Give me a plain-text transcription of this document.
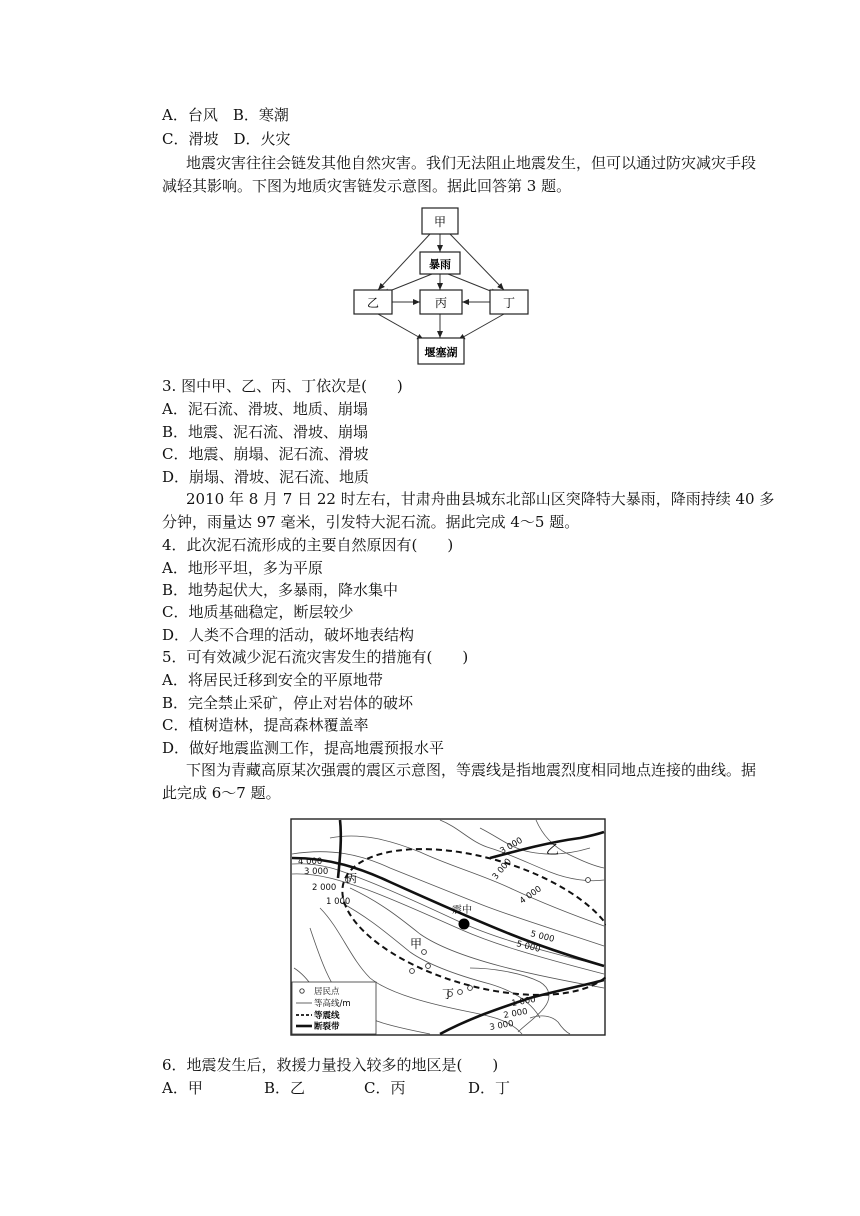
A．台风　B．寒潮
C．滑坡　D．火灾
地震灾害往往会链发其他自然灾害。我们无法阻止地震发生，但可以通过防灾减灾手段
减轻其影响。下图为地质灾害链发示意图。据此回答第 3 题。
甲
暴雨
乙	丙	丁
堰塞湖
3. 图中甲、乙、丙、丁依次是(　　)
A．泥石流、滑坡、地质、崩塌
B．地震、泥石流、滑坡、崩塌
C．地震、崩塌、泥石流、滑坡
D．崩塌、滑坡、泥石流、地质
2010 年 8 月 7 日 22 时左右，甘肃舟曲县城东北部山区突降特大暴雨，降雨持续 40 多
分钟，雨量达 97 毫米，引发特大泥石流。据此完成 4～5 题。
4．此次泥石流形成的主要自然原因有(　　)
A．地形平坦，多为平原
B．地势起伏大，多暴雨，降水集中
C．地质基础稳定，断层较少
D．人类不合理的活动，破坏地表结构
5．可有效减少泥石流灾害发生的措施有(　　)
A．将居民迁移到安全的平原地带
B．完全禁止采矿，停止对岩体的破坏
C．植树造林，提高森林覆盖率
D．做好地震监测工作，提高地震预报水平
下图为青藏高原某次强震的震区示意图，等震线是指地震烈度相同地点连接的曲线。据
此完成 6～7 题。
震中
乙
丙
甲
丁
4 000
3 000
2 000
1 000
3 000
3 000
4 000
5 000
5 000
1 000
2 000
3 000
居民点
等高线/m
等震线
断裂带
6．地震发生后，救援力量投入较多的地区是(　　)
A．甲	B．乙	C．丙	D．丁
